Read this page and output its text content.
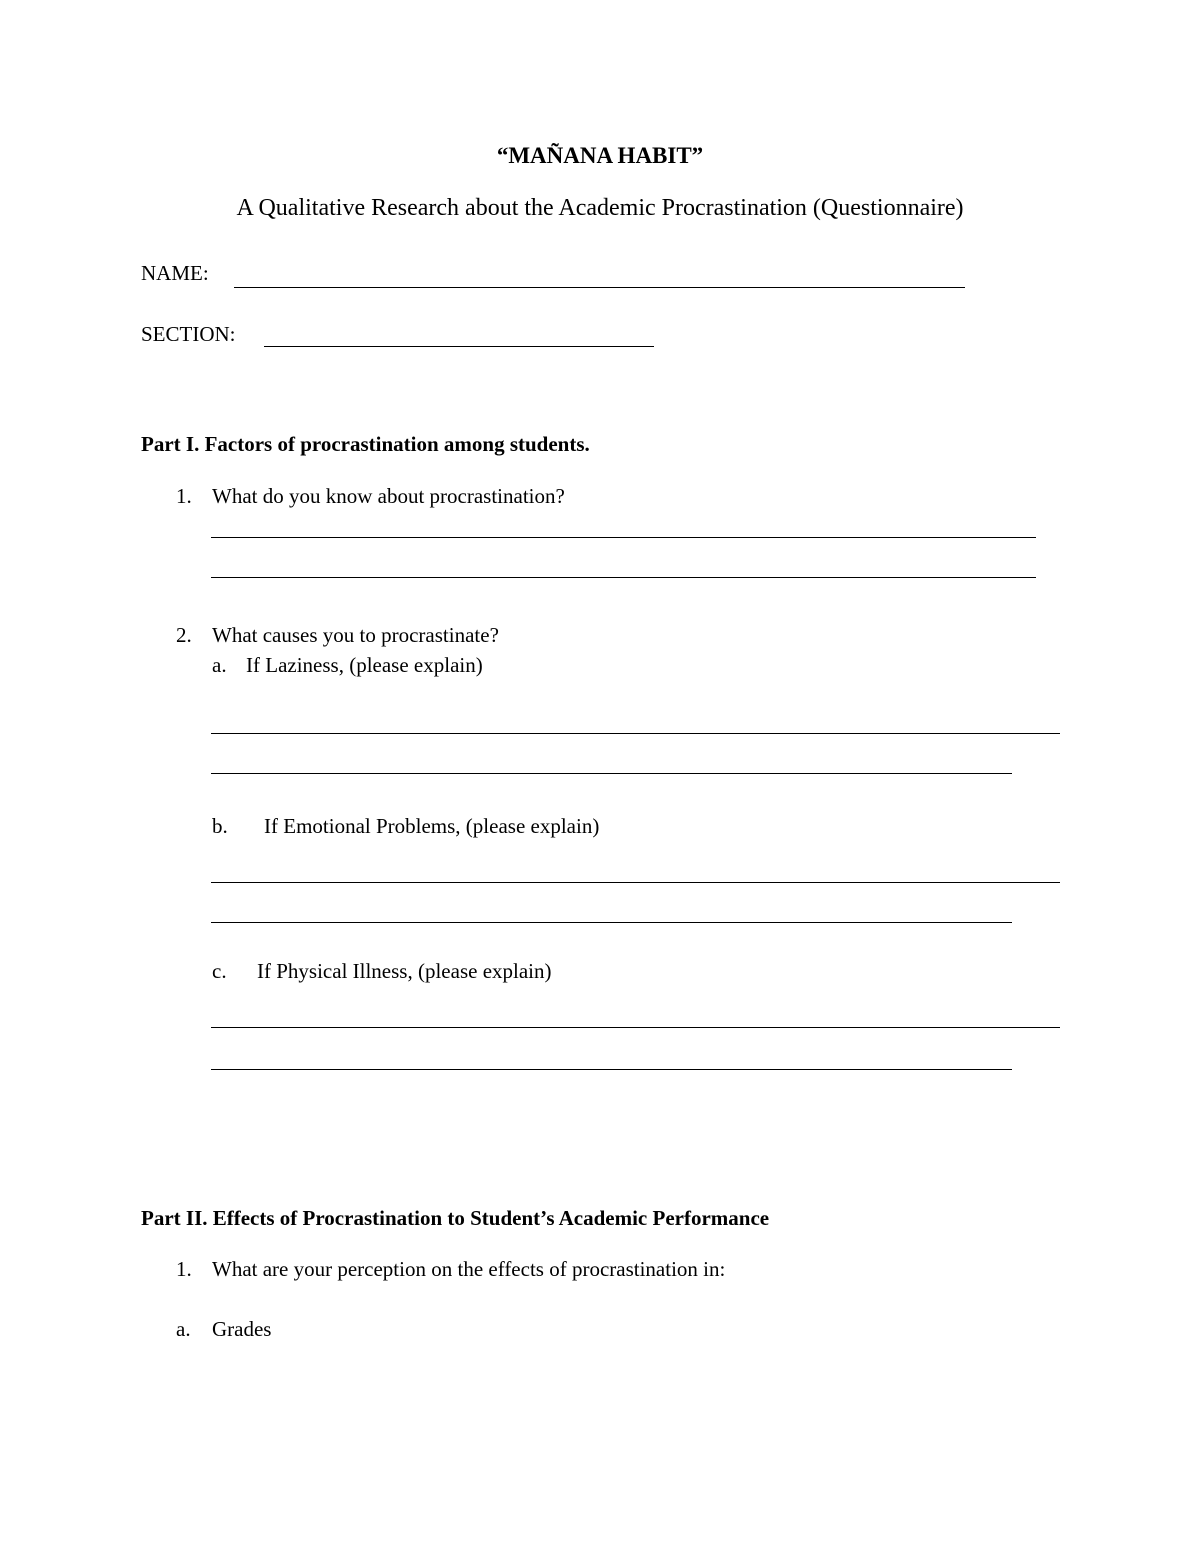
“MAÑANA HABIT”
A Qualitative Research about the Academic Procrastination (Questionnaire)
NAME:
SECTION:
Part I. Factors of procrastination among students.
1. What do you know about procrastination?
2. What causes you to procrastinate?
a. If Laziness, (please explain)
b. If Emotional Problems, (please explain)
c. If Physical Illness, (please explain)
Part II. Effects of Procrastination to Student’s Academic Performance
1. What are your perception on the effects of procrastination in:
a. Grades
